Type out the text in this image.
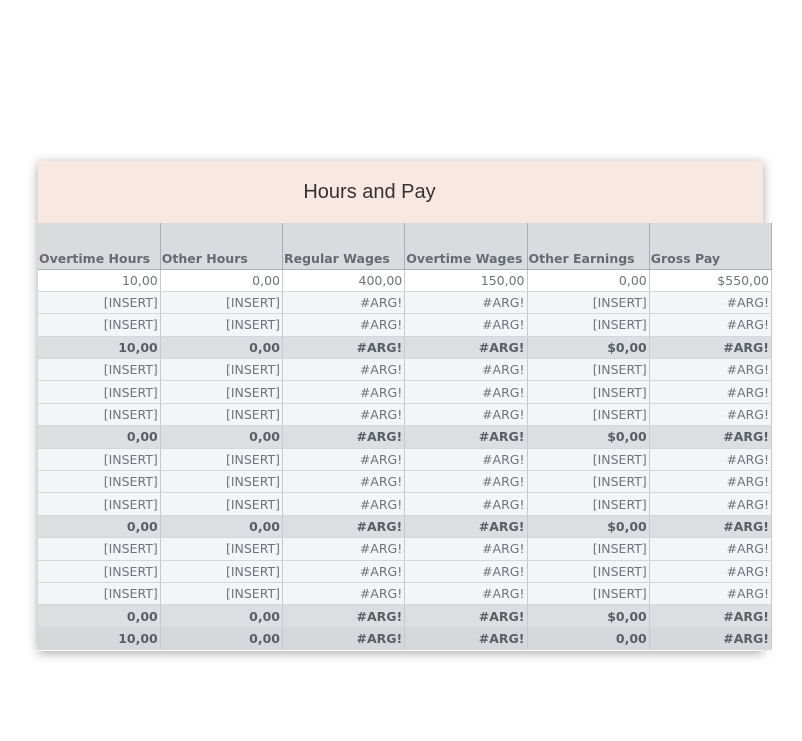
Hours and Pay
Overtime Hours	Other Hours	Regular Wages	Overtime Wages	Other Earnings	Gross Pay
10,00	0,00	400,00	150,00	0,00	$550,00
[INSERT]	[INSERT]	#ARG!	#ARG!	[INSERT]	#ARG!
[INSERT]	[INSERT]	#ARG!	#ARG!	[INSERT]	#ARG!
10,00	0,00	#ARG!	#ARG!	$0,00	#ARG!
[INSERT]	[INSERT]	#ARG!	#ARG!	[INSERT]	#ARG!
[INSERT]	[INSERT]	#ARG!	#ARG!	[INSERT]	#ARG!
[INSERT]	[INSERT]	#ARG!	#ARG!	[INSERT]	#ARG!
0,00	0,00	#ARG!	#ARG!	$0,00	#ARG!
[INSERT]	[INSERT]	#ARG!	#ARG!	[INSERT]	#ARG!
[INSERT]	[INSERT]	#ARG!	#ARG!	[INSERT]	#ARG!
[INSERT]	[INSERT]	#ARG!	#ARG!	[INSERT]	#ARG!
0,00	0,00	#ARG!	#ARG!	$0,00	#ARG!
[INSERT]	[INSERT]	#ARG!	#ARG!	[INSERT]	#ARG!
[INSERT]	[INSERT]	#ARG!	#ARG!	[INSERT]	#ARG!
[INSERT]	[INSERT]	#ARG!	#ARG!	[INSERT]	#ARG!
0,00	0,00	#ARG!	#ARG!	$0,00	#ARG!
10,00	0,00	#ARG!	#ARG!	0,00	#ARG!
